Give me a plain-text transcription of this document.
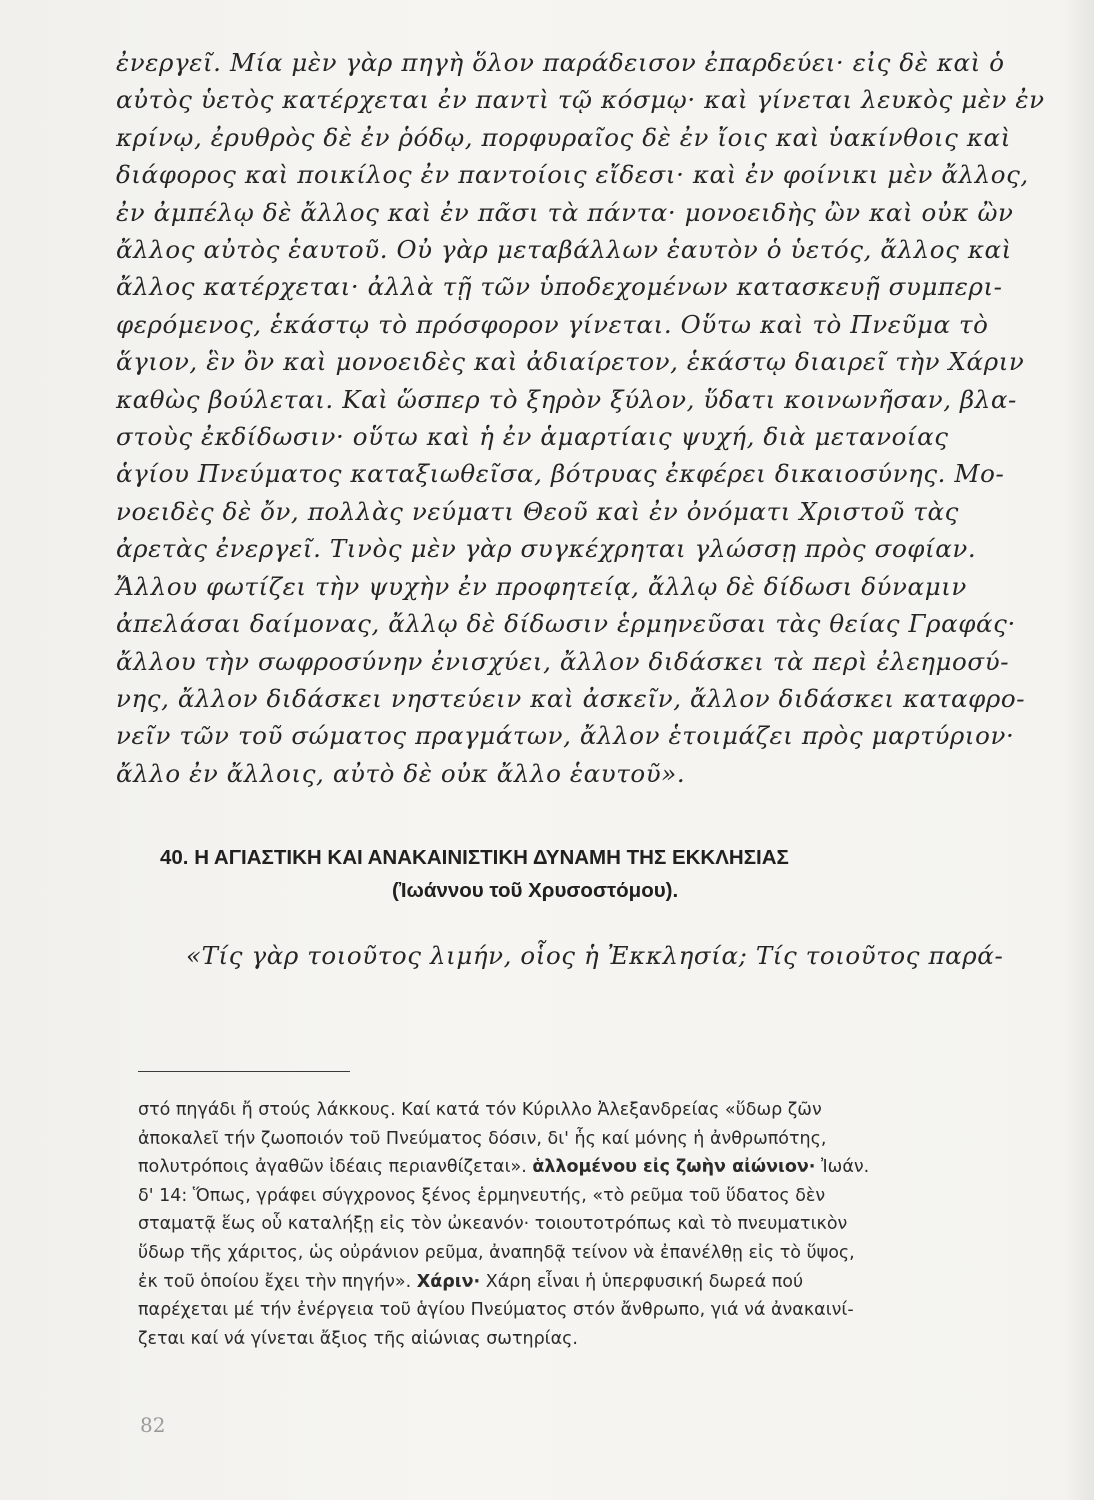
ἐνεργεῖ. Μία μὲν γὰρ πηγὴ ὅλον παράδεισον ἐπαρδεύει· εἰς δὲ καὶ ὁ
αὐτὸς ὑετὸς κατέρχεται ἐν παντὶ τῷ κόσμῳ· καὶ γίνεται λευκὸς μὲν ἐν
κρίνῳ, ἐρυθρὸς δὲ ἐν ῥόδῳ, πορφυραῖος δὲ ἐν ἴοις καὶ ὑακίνθοις καὶ
διάφορος καὶ ποικίλος ἐν παντοίοις εἴδεσι· καὶ ἐν φοίνικι μὲν ἄλλος,
ἐν ἀμπέλῳ δὲ ἄλλος καὶ ἐν πᾶσι τὰ πάντα· μονοειδὴς ὢν καὶ οὐκ ὢν
ἄλλος αὐτὸς ἑαυτοῦ. Οὐ γὰρ μεταβάλλων ἑαυτὸν ὁ ὑετός, ἄλλος καὶ
ἄλλος κατέρχεται· ἀλλὰ τῇ τῶν ὑποδεχομένων κατασκευῇ συμπερι-
φερόμενος, ἑκάστῳ τὸ πρόσφορον γίνεται. Οὕτω καὶ τὸ Πνεῦμα τὸ
ἅγιον, ἓν ὂν καὶ μονοειδὲς καὶ ἀδιαίρετον, ἑκάστῳ διαιρεῖ τὴν Χάριν
καθὼς βούλεται. Καὶ ὥσπερ τὸ ξηρὸν ξύλον, ὕδατι κοινωνῆσαν, βλα-
στοὺς ἐκδίδωσιν· οὕτω καὶ ἡ ἐν ἁμαρτίαις ψυχή, διὰ μετανοίας
ἁγίου Πνεύματος καταξιωθεῖσα, βότρυας ἐκφέρει δικαιοσύνης. Μο-
νοειδὲς δὲ ὄν, πολλὰς νεύματι Θεοῦ καὶ ἐν ὀνόματι Χριστοῦ τὰς
ἀρετὰς ἐνεργεῖ. Τινὸς μὲν γὰρ συγκέχρηται γλώσσῃ πρὸς σοφίαν.
Ἄλλου φωτίζει τὴν ψυχὴν ἐν προφητείᾳ, ἄλλῳ δὲ δίδωσι δύναμιν
ἀπελάσαι δαίμονας, ἄλλῳ δὲ δίδωσιν ἑρμηνεῦσαι τὰς θείας Γραφάς·
ἄλλου τὴν σωφροσύνην ἐνισχύει, ἄλλον διδάσκει τὰ περὶ ἐλεημοσύ-
νης, ἄλλον διδάσκει νηστεύειν καὶ ἀσκεῖν, ἄλλον διδάσκει καταφρο-
νεῖν τῶν τοῦ σώματος πραγμάτων, ἄλλον ἑτοιμάζει πρὸς μαρτύριον·
ἄλλο ἐν ἄλλοις, αὐτὸ δὲ οὐκ ἄλλο ἑαυτοῦ».
40. Η ΑΓΙΑΣΤΙΚΗ ΚΑΙ ΑΝΑΚΑΙΝΙΣΤΙΚΗ ΔΥΝΑΜΗ ΤΗΣ ΕΚΚΛΗΣΙΑΣ
(Ἰωάννου τοῦ Χρυσοστόμου).
«Τίς γὰρ τοιοῦτος λιμήν, οἷος ἡ Ἐκκλησία; Τίς τοιοῦτος παρά-
στό πηγάδι ἤ στούς λάκκους. Καί κατά τόν Κύριλλο Ἀλεξανδρείας «ὕδωρ ζῶν
ἀποκαλεῖ τήν ζωοποιόν τοῦ Πνεύματος δόσιν, δι' ἧς καί μόνης ἡ ἀνθρωπότης,
πολυτρόποις ἀγαθῶν ἰδέαις περιανθίζεται». ἁλλομένου εἰς ζωὴν αἰώνιον· Ἰωάν.
δ' 14: Ὅπως, γράφει σύγχρονος ξένος ἑρμηνευτής, «τὸ ρεῦμα τοῦ ὕδατος δὲν
σταματᾷ ἕως οὗ καταλήξῃ εἰς τὸν ὠκεανόν· τοιουτοτρόπως καὶ τὸ πνευματικὸν
ὕδωρ τῆς χάριτος, ὡς οὐράνιον ρεῦμα, ἀναπηδᾷ τείνον νὰ ἐπανέλθῃ εἰς τὸ ὕψος,
ἐκ τοῦ ὁποίου ἔχει τὴν πηγήν». Χάριν· Χάρη εἶναι ἡ ὑπερφυσική δωρεά πού
παρέχεται μέ τήν ἐνέργεια τοῦ ἁγίου Πνεύματος στόν ἄνθρωπο, γιά νά ἀνακαινί-
ζεται καί νά γίνεται ἄξιος τῆς αἰώνιας σωτηρίας.
82
